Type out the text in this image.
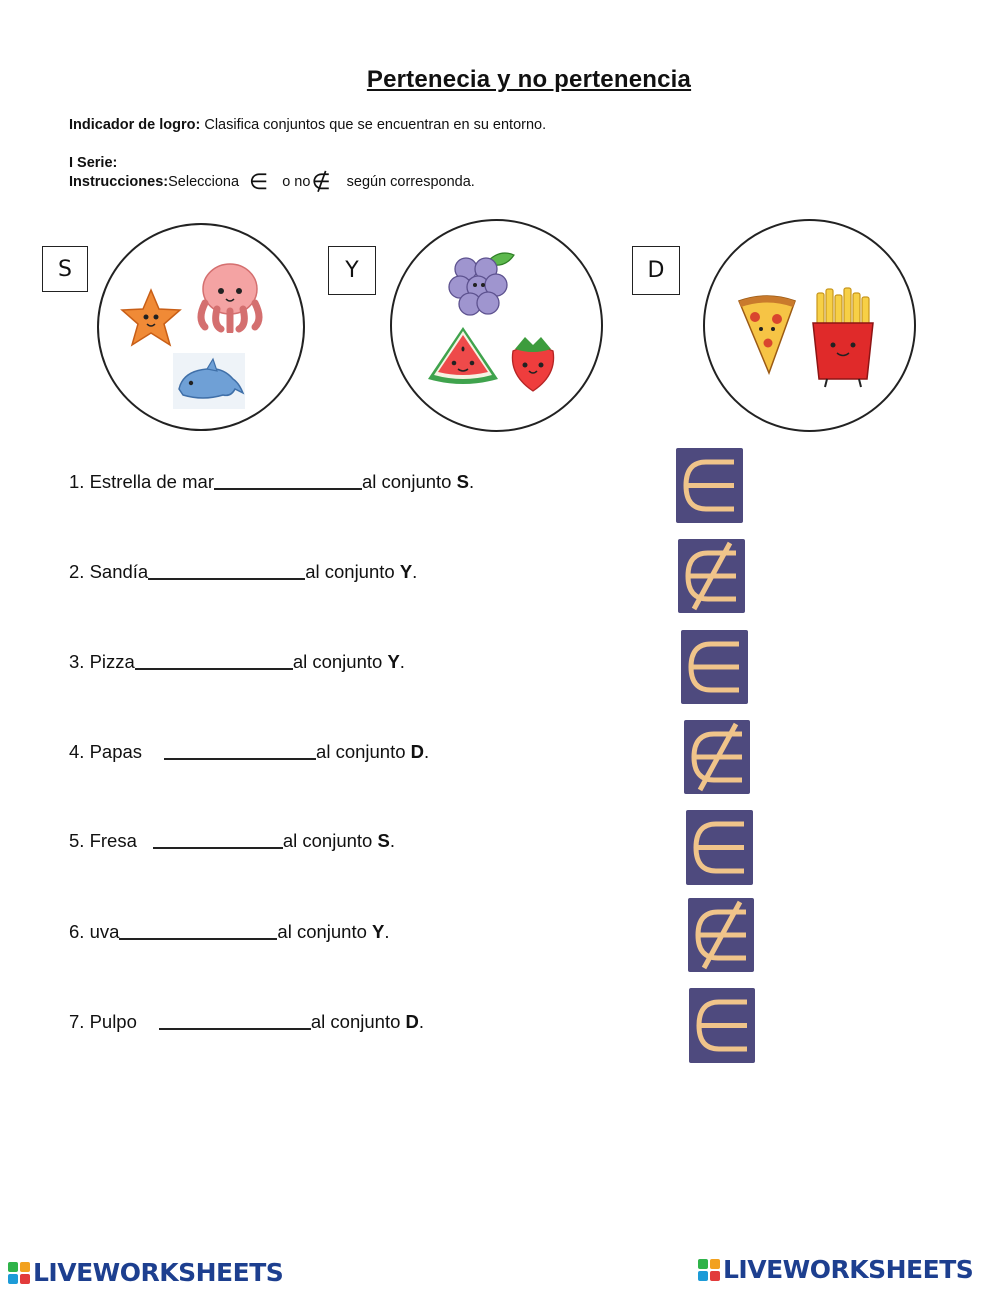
Pertenecia y no pertenencia
Indicador de logro: Clasifica conjuntos que se encuentran en su entorno.
I Serie:
Instrucciones: Selecciona ∈ o no ∉ según corresponda.
S	Y	D
1. Estrella de mar	al conjunto S .
2. Sandía	al conjunto Y .
3. Pizza	al conjunto Y .
4. Papas	al conjunto D .
5. Fresa	al conjunto S .
6. uva	al conjunto Y .
7. Pulpo	al conjunto D .
LIVEWORKSHEETS	LIVEWORKSHEETS
